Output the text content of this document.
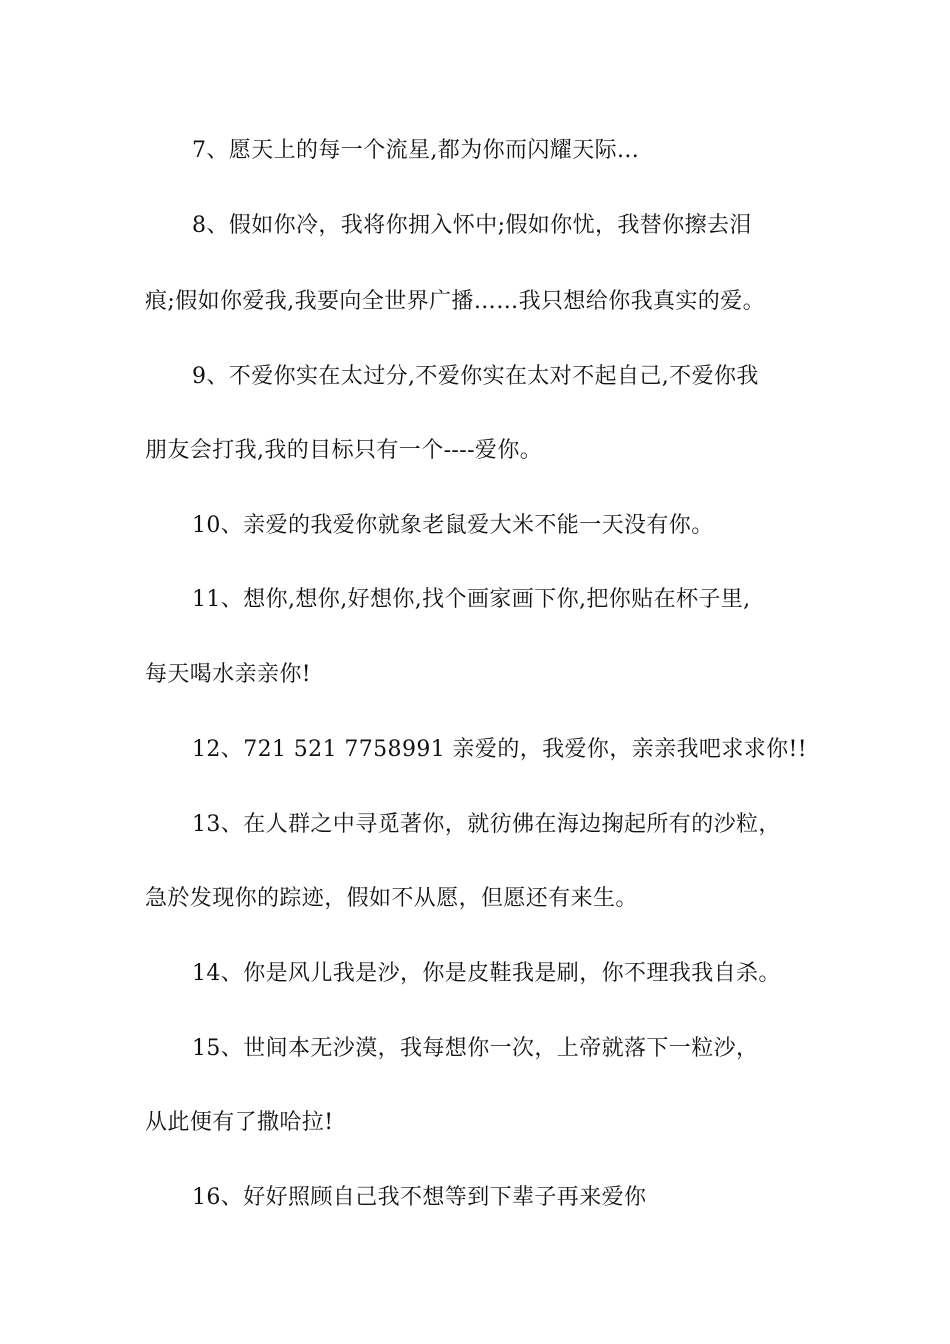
7、愿天上的每一个流星,都为你而闪耀天际...
8、假如你冷，我将你拥入怀中;假如你忧，我替你擦去泪
痕;假如你爱我,我要向全世界广播……我只想给你我真实的爱。
9、不爱你实在太过分,不爱你实在太对不起自己,不爱你我
朋友会打我,我的目标只有一个----爱你。
10、亲爱的我爱你就象老鼠爱大米不能一天没有你。
11、想你,想你,好想你,找个画家画下你,把你贴在杯子里,
每天喝水亲亲你!
12、721 521 7758991 亲爱的，我爱你，亲亲我吧求求你!!
13、在人群之中寻觅著你，就彷佛在海边掬起所有的沙粒，
急於发现你的踪迹，假如不从愿，但愿还有来生。
14、你是风儿我是沙，你是皮鞋我是刷，你不理我我自杀。
15、世间本无沙漠，我每想你一次，上帝就落下一粒沙，
从此便有了撒哈拉!
16、好好照顾自己我不想等到下辈子再来爱你
